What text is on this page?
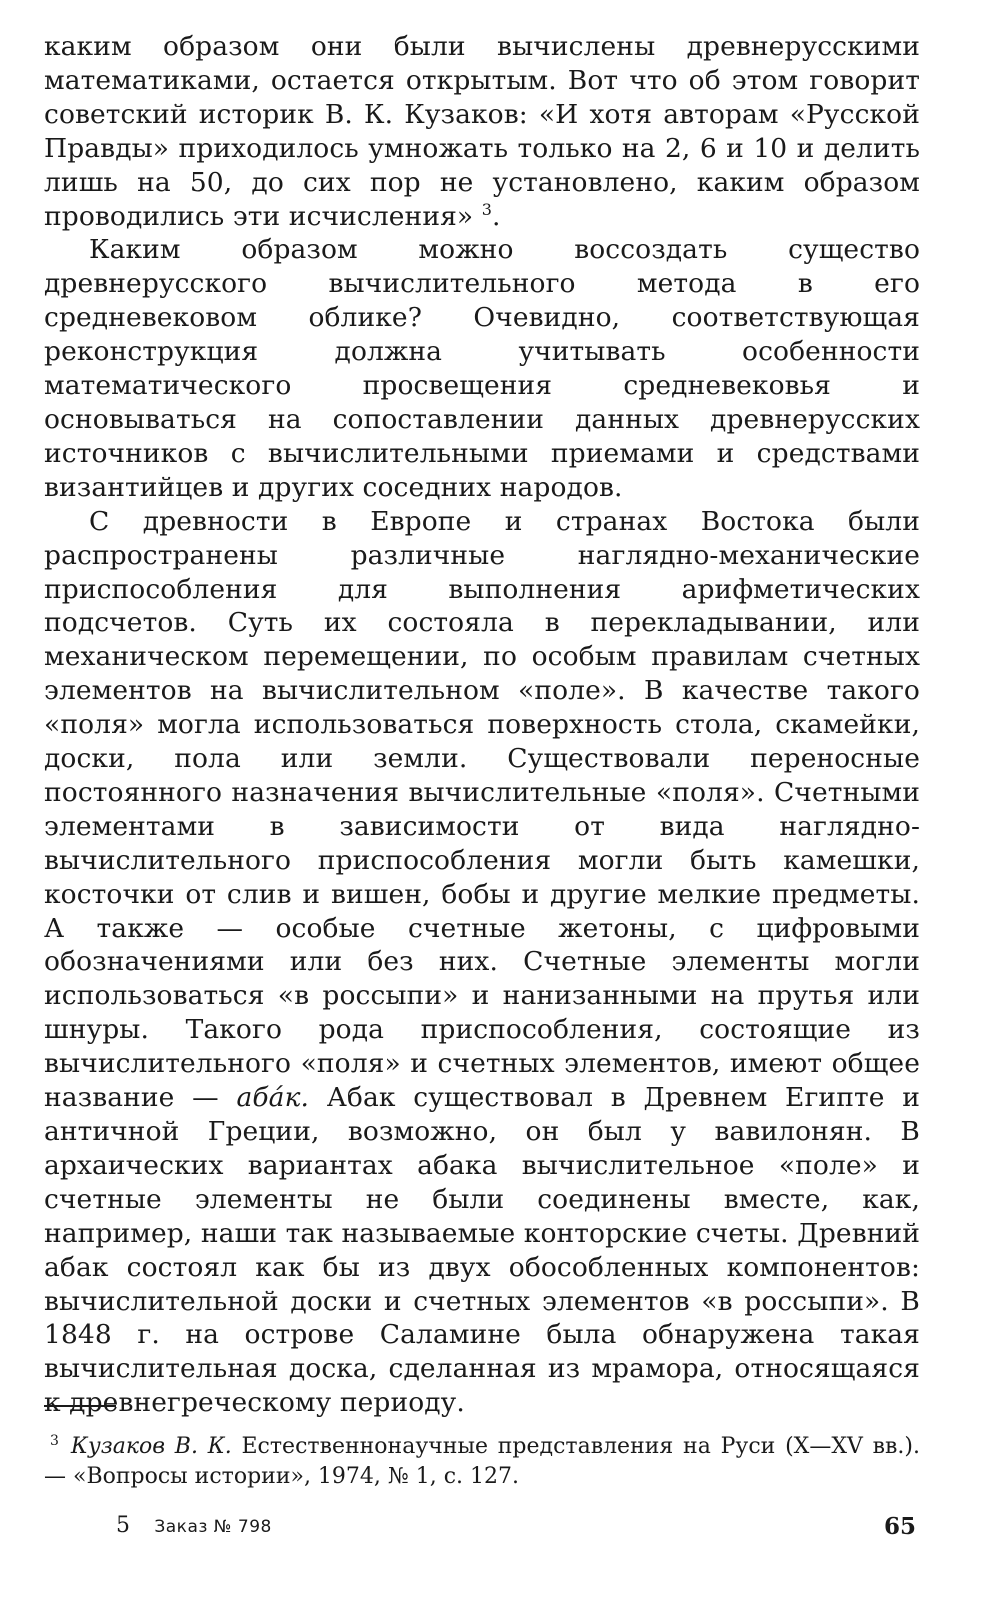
каким образом они были вычислены древнерусскими математиками, остается открытым. Вот что об этом говорит советский историк В. К. Кузаков: «И хотя авторам «Русской Правды» приходилось умножать только на 2, 6 и 10 и делить лишь на 50, до сих пор не установлено, каким образом проводились эти исчисления» $^3$.

Каким образом можно воссоздать существо древнерусского вычислительного метода в его средневековом облике? Очевидно, соответствующая реконструкция должна учитывать особенности математического просвещения средневековья и основываться на сопоставлении данных древнерусских источников с вычислительными приемами и средствами византийцев и других соседних народов.

С древности в Европе и странах Востока были распространены различные наглядно-механические приспособления для выполнения арифметических подсчетов. Суть их состояла в перекладывании, или механическом перемещении, по особым правилам счетных элементов на вычислительном «поле». В качестве такого «поля» могла использоваться поверхность стола, скамейки, доски, пола или земли. Существовали переносные постоянного назначения вычислительные «поля». Счетными элементами в зависимости от вида наглядно-вычислительного приспособления могли быть камешки, косточки от слив и вишен, бобы и другие мелкие предметы. А также — особые счетные жетоны, с цифровыми обозначениями или без них. Счетные элементы могли использоваться «в россыпи» и нанизанными на прутья или шнуры. Такого рода приспособления, состоящие из вычислительного «поля» и счетных элементов, имеют общее название — абáк. Абак существовал в Древнем Египте и античной Греции, возможно, он был у вавилонян. В архаических вариантах абака вычислительное «поле» и счетные элементы не были соединены вместе, как, например, наши так называемые конторские счеты. Древний абак состоял как бы из двух обособленных компонентов: вычислительной доски и счетных элементов «в россыпи». В 1848 г. на острове Саламине была обнаружена такая вычислительная доска, сделанная из мрамора, относящаяся к древнегреческому периоду.

3 Кузаков В. К. Естественнонаучные представления на Руси (X—XV вв.). — «Вопросы истории», 1974, № 1, с. 127.

5 Заказ № 798	65
